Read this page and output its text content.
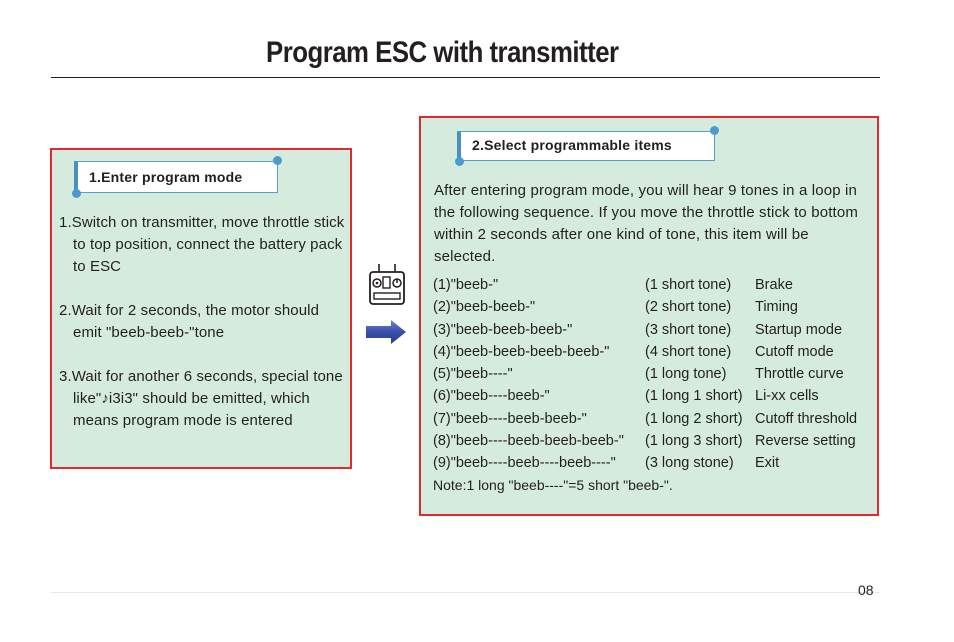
Program ESC with transmitter
1.Enter program mode
1.Switch on transmitter, move throttle stick to top position, connect the battery pack to ESC
2.Wait for 2 seconds, the motor should emit "beeb-beeb-"tone
3.Wait for another 6 seconds, special tone like"♪i3i3" should be emitted, which means program mode is entered
2.Select programmable items
After entering program mode, you will hear 9 tones in a loop in the following sequence. If you move the throttle stick to bottom within 2 seconds after one kind of tone, this item will be selected.
(1)"beeb-"	(1 short tone) Brake
(2)"beeb-beeb-"	(2 short tone) Timing
(3)"beeb-beeb-beeb-"	(3 short tone) Startup mode
(4)"beeb-beeb-beeb-beeb-" (4 short tone) Cutoff mode
(5)"beeb----"	(1 long tone) Throttle curve
(6)"beeb----beeb-"	(1 long 1 short) Li-xx cells
(7)"beeb----beeb-beeb-"	(1 long 2 short) Cutoff threshold
(8)"beeb----beeb-beeb-beeb-" (1 long 3 short) Reverse setting
(9)"beeb----beeb----beeb----" (3 long stone) Exit
Note:1 long "beeb----"=5 short "beeb-".
08
